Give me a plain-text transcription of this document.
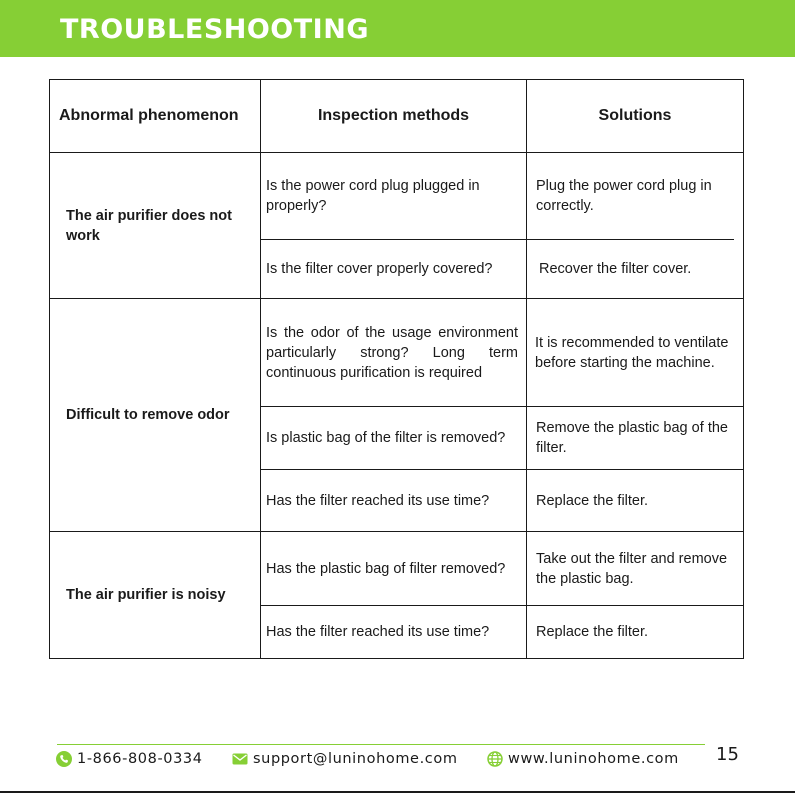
TROUBLESHOOTING
Abnormal phenomenon	Inspection methods	Solutions

The air purifier does not work	Is the power cord plug plugged in properly?	Plug the power cord plug in correctly.

	Is the filter cover properly covered?	Recover the filter cover.
Difficult to remove odor	Is the odor of the usage environment particularly strong? Long term continuous purification is required	It is recommended to ventilate before starting the machine.
	Is plastic bag of the filter is removed?	Remove the plastic bag of the filter.

	Has the filter reached its use time?	Replace the filter.
The air purifier is noisy	Has the plastic bag of filter removed?	Take out the filter and remove the plastic bag.
	Has the filter reached its use time?	Replace the filter.
15
1-866-808-0334	support@luninohome.com	www.luninohome.com
